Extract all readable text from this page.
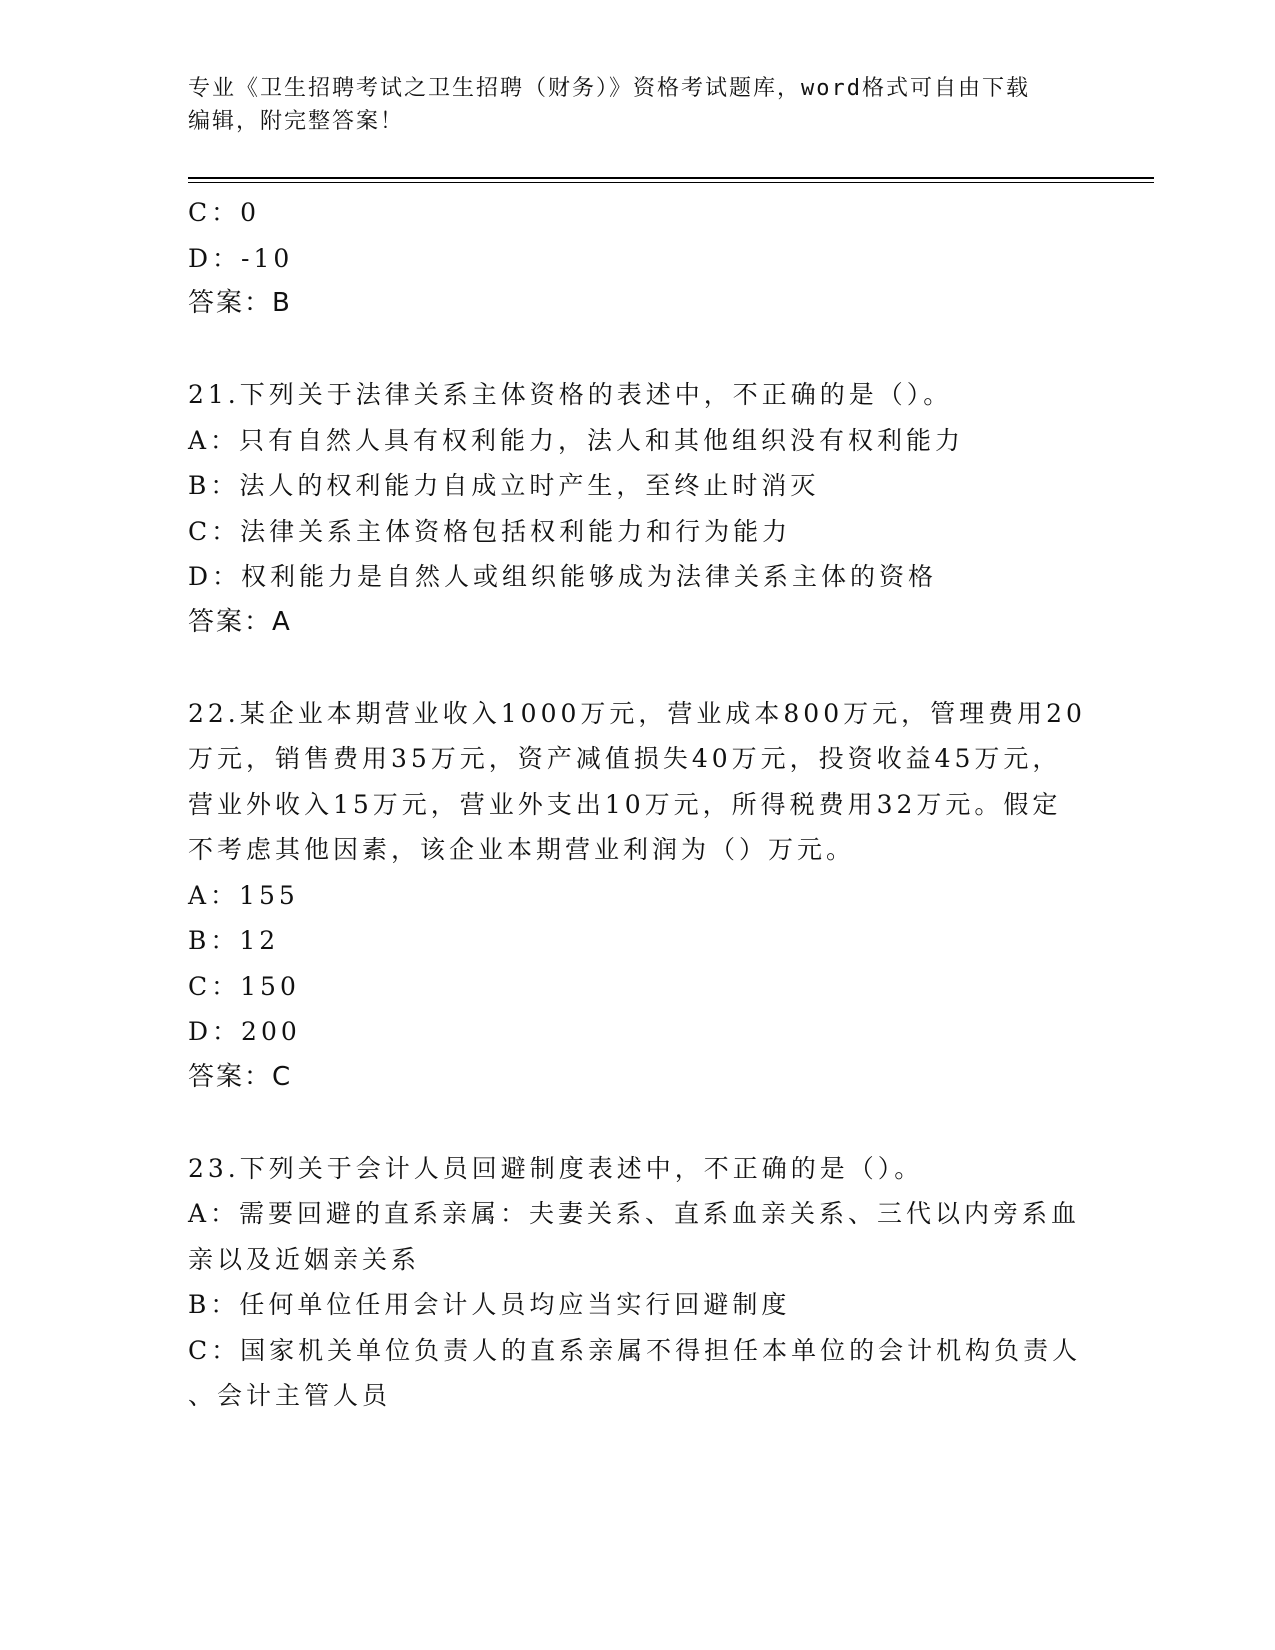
专业《卫生招聘考试之卫生招聘（财务）》资格考试题库，word格式可自由下载
编辑，附完整答案！
C：0
D：-10
答案：B
21.下列关于法律关系主体资格的表述中，不正确的是（）。
A：只有自然人具有权利能力，法人和其他组织没有权利能力
B：法人的权利能力自成立时产生，至终止时消灭
C：法律关系主体资格包括权利能力和行为能力
D：权利能力是自然人或组织能够成为法律关系主体的资格
答案：A
22.某企业本期营业收入1000万元，营业成本800万元，管理费用20
万元，销售费用35万元，资产减值损失40万元，投资收益45万元，
营业外收入15万元，营业外支出10万元，所得税费用32万元。假定
不考虑其他因素，该企业本期营业利润为（）万元。
A：155
B：12
C：150
D：200
答案：C
23.下列关于会计人员回避制度表述中，不正确的是（）。
A：需要回避的直系亲属：夫妻关系、直系血亲关系、三代以内旁系血
亲以及近姻亲关系
B：任何单位任用会计人员均应当实行回避制度
C：国家机关单位负责人的直系亲属不得担任本单位的会计机构负责人
、会计主管人员
